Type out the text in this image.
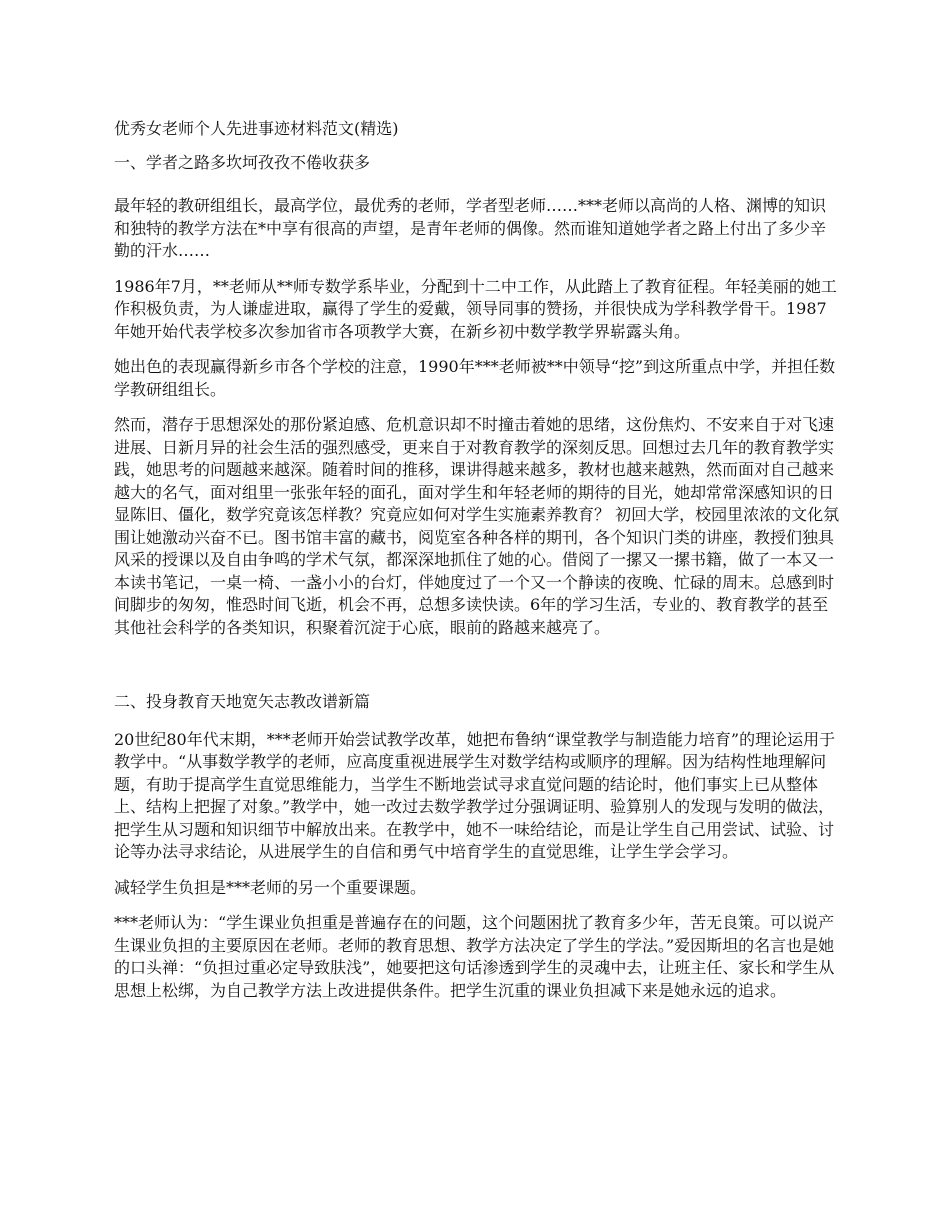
优秀女老师个人先进事迹材料范文(精选)
一、学者之路多坎坷孜孜不倦收获多

最年轻的教研组组长，最高学位，最优秀的老师，学者型老师……***老师以高尚的人格、渊博的知识和独特的教学方法在*中享有很高的声望，是青年老师的偶像。然而谁知道她学者之路上付出了多少辛勤的汗水……

1986年7月，**老师从**师专数学系毕业，分配到十二中工作，从此踏上了教育征程。年轻美丽的她工作积极负责，为人谦虚进取，赢得了学生的爱戴，领导同事的赞扬，并很快成为学科教学骨干。1987年她开始代表学校多次参加省市各项教学大赛，在新乡初中数学教学界崭露头角。

她出色的表现赢得新乡市各个学校的注意，1990年***老师被**中领导“挖”到这所重点中学，并担任数学教研组组长。

然而，潜存于思想深处的那份紧迫感、危机意识却不时撞击着她的思绪，这份焦灼、不安来自于对飞速进展、日新月异的社会生活的强烈感受，更来自于对教育教学的深刻反思。回想过去几年的教育教学实践，她思考的问题越来越深。随着时间的推移，课讲得越来越多，教材也越来越熟，然而面对自己越来越大的名气，面对组里一张张年轻的面孔，面对学生和年轻老师的期待的目光，她却常常深感知识的日显陈旧、僵化，数学究竟该怎样教？究竟应如何对学生实施素养教育？ 初回大学，校园里浓浓的文化氛围让她激动兴奋不已。图书馆丰富的藏书，阅览室各种各样的期刊，各个知识门类的讲座，教授们独具风采的授课以及自由争鸣的学术气氛，都深深地抓住了她的心。借阅了一摞又一摞书籍，做了一本又一本读书笔记，一桌一椅、一盏小小的台灯，伴她度过了一个又一个静读的夜晚、忙碌的周末。总感到时间脚步的匆匆，惟恐时间飞逝，机会不再，总想多读快读。6年的学习生活，专业的、教育教学的甚至其他社会科学的各类知识，积聚着沉淀于心底，眼前的路越来越亮了。

二、投身教育天地宽矢志教改谱新篇

20世纪80年代末期，***老师开始尝试教学改革，她把布鲁纳“课堂教学与制造能力培育”的理论运用于教学中。“从事数学教学的老师，应高度重视进展学生对数学结构或顺序的理解。因为结构性地理解问题，有助于提高学生直觉思维能力，当学生不断地尝试寻求直觉问题的结论时，他们事实上已从整体上、结构上把握了对象。”教学中，她一改过去数学教学过分强调证明、验算别人的发现与发明的做法，把学生从习题和知识细节中解放出来。在教学中，她不一味给结论，而是让学生自己用尝试、试验、讨论等办法寻求结论，从进展学生的自信和勇气中培育学生的直觉思维，让学生学会学习。

减轻学生负担是***老师的另一个重要课题。

***老师认为：“学生课业负担重是普遍存在的问题，这个问题困扰了教育多少年，苦无良策。可以说产生课业负担的主要原因在老师。老师的教育思想、教学方法决定了学生的学法。”爱因斯坦的名言也是她的口头禅：“负担过重必定导致肤浅”，她要把这句话渗透到学生的灵魂中去，让班主任、家长和学生从思想上松绑，为自己教学方法上改进提供条件。把学生沉重的课业负担减下来是她永远的追求。
